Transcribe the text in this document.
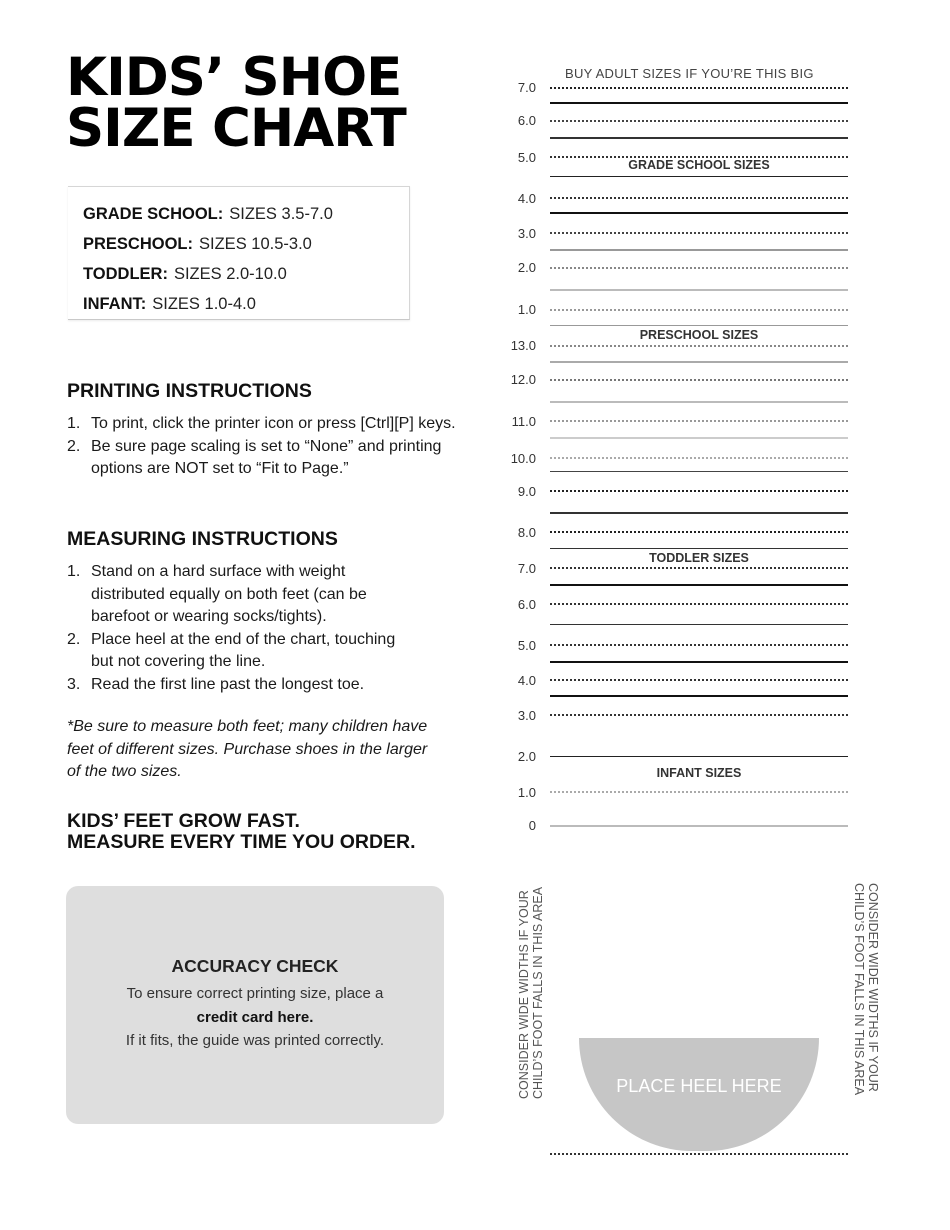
KIDS’ SHOE
SIZE CHART
GRADE SCHOOL: SIZES 3.5-7.0
PRESCHOOL: SIZES 10.5-3.0
TODDLER: SIZES 2.0-10.0
INFANT: SIZES 1.0-4.0
PRINTING INSTRUCTIONS
1. To print, click the printer icon or press [Ctrl][P] keys.
2. Be sure page scaling is set to “None” and printing options are NOT set to “Fit to Page.”
MEASURING INSTRUCTIONS
1. Stand on a hard surface with weight distributed equally on both feet (can be barefoot or wearing socks/tights).
2. Place heel at the end of the chart, touching but not covering the line.
3. Read the first line past the longest toe.

*Be sure to measure both feet; many children have feet of different sizes. Purchase shoes in the larger of the two sizes.

KIDS’ FEET GROW FAST.
MEASURE EVERY TIME YOU ORDER.
ACCURACY CHECK
To ensure correct printing size, place a
credit card here.
If it fits, the guide was printed correctly.
BUY ADULT SIZES IF YOU’RE THIS BIG
7.0
6.0
5.0
4.0
3.0
2.0
1.0
13.0
12.0
11.0
10.0
9.0
8.0
7.0
6.0
5.0
4.0
3.0
2.0
1.0
0
GRADE SCHOOL SIZES
PRESCHOOL SIZES
TODDLER SIZES
INFANT SIZES
CONSIDER WIDE WIDTHS IF YOUR CHILD’S FOOT FALLS IN THIS AREA	CONSIDER WIDE WIDTHS IF YOUR CHILD’S FOOT FALLS IN THIS AREA
PLACE HEEL HERE
